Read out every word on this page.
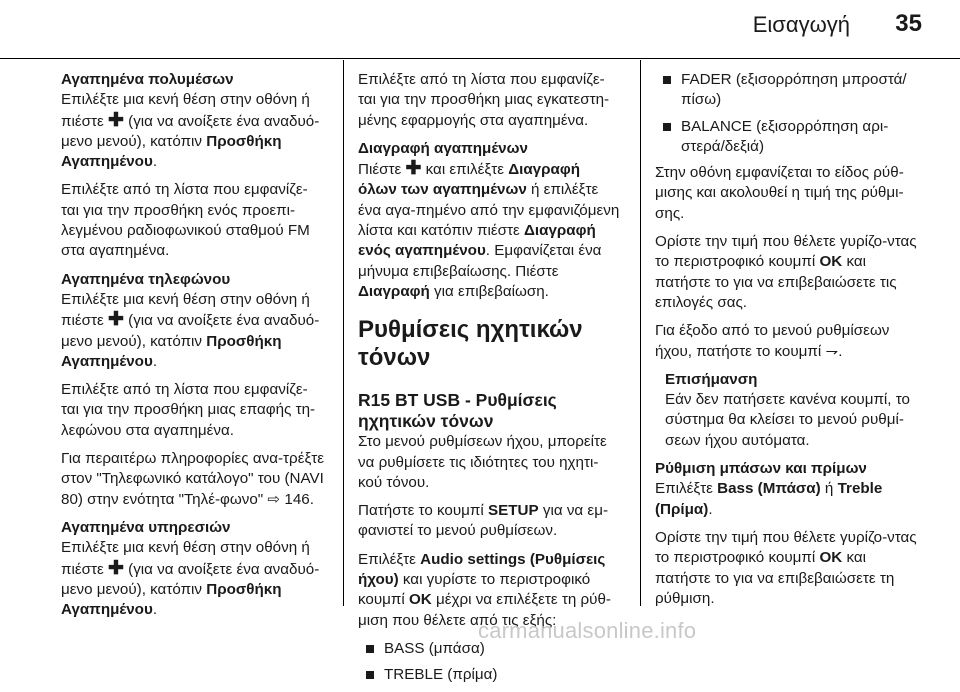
Εισαγωγή 35

Αγαπημένα πολυμέσων
Επιλέξτε μια κενή θέση στην οθόνη ή πιέστε ✚ (για να ανοίξετε ένα αναδυό-μενο μενού), κατόπιν Προσθήκη Αγαπημένου.

Επιλέξτε από τη λίστα που εμφανίζε-ται για την προσθήκη ενός προεπι-λεγμένου ραδιοφωνικού σταθμού FM στα αγαπημένα.

Αγαπημένα τηλεφώνου
Επιλέξτε μια κενή θέση στην οθόνη ή πιέστε ✚ (για να ανοίξετε ένα αναδυό-μενο μενού), κατόπιν Προσθήκη Αγαπημένου.

Επιλέξτε από τη λίστα που εμφανίζε-ται για την προσθήκη μιας επαφής τη-λεφώνου στα αγαπημένα.

Για περαιτέρω πληροφορίες ανα-τρέξτε στον "Τηλεφωνικό κατάλογο" του (NAVI 80) στην ενότητα "Τηλέ-φωνο" ⇨ 146.

Αγαπημένα υπηρεσιών
Επιλέξτε μια κενή θέση στην οθόνη ή πιέστε ✚ (για να ανοίξετε ένα αναδυό-μενο μενού), κατόπιν Προσθήκη Αγαπημένου.

Επιλέξτε από τη λίστα που εμφανίζε-ται για την προσθήκη μιας εγκατεστη-μένης εφαρμογής στα αγαπημένα.

Διαγραφή αγαπημένων
Πιέστε ✚ και επιλέξτε Διαγραφή όλων των αγαπημένων ή επιλέξτε ένα αγα-πημένο από την εμφανιζόμενη λίστα και κατόπιν πιέστε Διαγραφή ενός αγαπημένου. Εμφανίζεται ένα μήνυμα επιβεβαίωσης. Πιέστε Διαγραφή για επιβεβαίωση.

Ρυθμίσεις ηχητικών τόνων
R15 BT USB - Ρυθμίσεις ηχητικών τόνων

Στο μενού ρυθμίσεων ήχου, μπορείτε να ρυθμίσετε τις ιδιότητες του ηχητι-κού τόνου.

Πατήστε το κουμπί SETUP για να εμ-φανιστεί το μενού ρυθμίσεων.

Επιλέξτε Audio settings (Ρυθμίσεις ήχου) και γυρίστε το περιστροφικό κουμπί OK μέχρι να επιλέξετε τη ρύθ-μιση που θέλετε από τις εξής:

BASS (μπάσα)
TREBLE (πρίμα)
FADER (εξισορρόπηση μπροστά/ πίσω)
BALANCE (εξισορρόπηση αρι-στερά/δεξιά)

Στην οθόνη εμφανίζεται το είδος ρύθ-μισης και ακολουθεί η τιμή της ρύθμι-σης.

Ορίστε την τιμή που θέλετε γυρίζο-ντας το περιστροφικό κουμπί OK και πατήστε το για να επιβεβαιώσετε τις επιλογές σας.

Για έξοδο από το μενού ρυθμίσεων ήχου, πατήστε το κουμπί ⇁.

Επισήμανση
Εάν δεν πατήσετε κανένα κουμπί, το σύστημα θα κλείσει το μενού ρυθμί-σεων ήχου αυτόματα.

Ρύθμιση μπάσων και πρίμων
Επιλέξτε Bass (Μπάσα) ή Treble (Πρίμα).

Ορίστε την τιμή που θέλετε γυρίζο-ντας το περιστροφικό κουμπί OK και πατήστε το για να επιβεβαιώσετε τη ρύθμιση.

carmanualsonline.info
